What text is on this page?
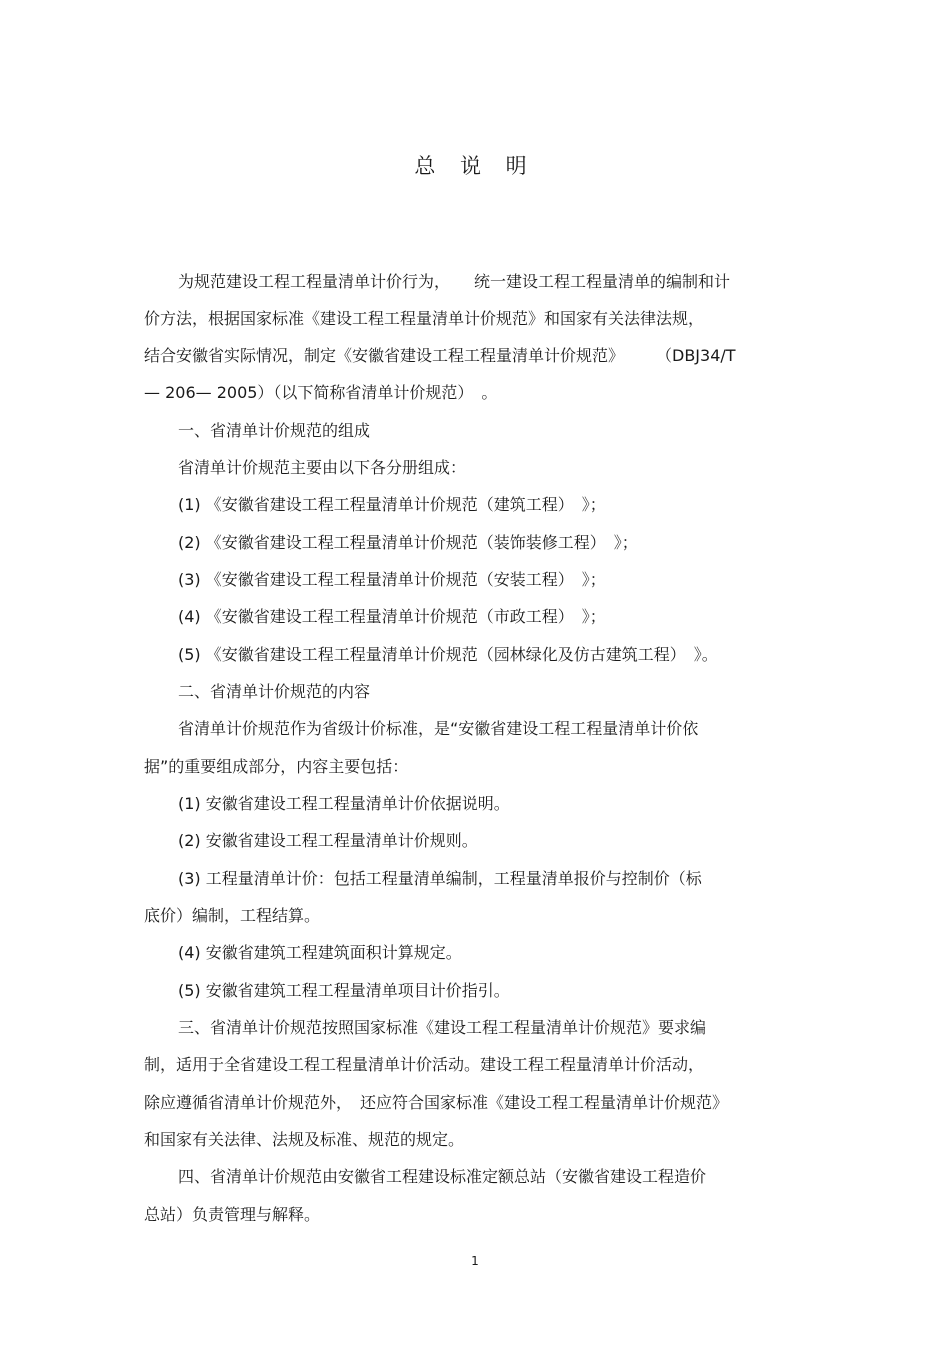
总 说 明
为规范建设工程工程量清单计价行为，　　统一建设工程工程量清单的编制和计
价方法，根据国家标准《建设工程工程量清单计价规范》和国家有关法律法规，
结合安徽省实际情况，制定《安徽省建设工程工程量清单计价规范》　　　（DBJ34/T
— 206— 2005）（以下简称省清单计价规范）　。
一、省清单计价规范的组成
省清单计价规范主要由以下各分册组成：
(1) 《安徽省建设工程工程量清单计价规范（建筑工程）　》；
(2) 《安徽省建设工程工程量清单计价规范（装饰装修工程）　》；
(3) 《安徽省建设工程工程量清单计价规范（安装工程）　》；
(4) 《安徽省建设工程工程量清单计价规范（市政工程）　》；
(5) 《安徽省建设工程工程量清单计价规范（园林绿化及仿古建筑工程）　》。
二、省清单计价规范的内容
省清单计价规范作为省级计价标准，是“安徽省建设工程工程量清单计价依
据”的重要组成部分，内容主要包括：
(1) 安徽省建设工程工程量清单计价依据说明。
(2) 安徽省建设工程工程量清单计价规则。
(3) 工程量清单计价：包括工程量清单编制，工程量清单报价与控制价（标
底价）编制，工程结算。
(4) 安徽省建筑工程建筑面积计算规定。
(5) 安徽省建筑工程工程量清单项目计价指引。
三、省清单计价规范按照国家标准《建设工程工程量清单计价规范》要求编
制，适用于全省建设工程工程量清单计价活动。建设工程工程量清单计价活动，
除应遵循省清单计价规范外，　还应符合国家标准《建设工程工程量清单计价规范》
和国家有关法律、法规及标准、规范的规定。
四、省清单计价规范由安徽省工程建设标准定额总站（安徽省建设工程造价
总站）负责管理与解释。
1
